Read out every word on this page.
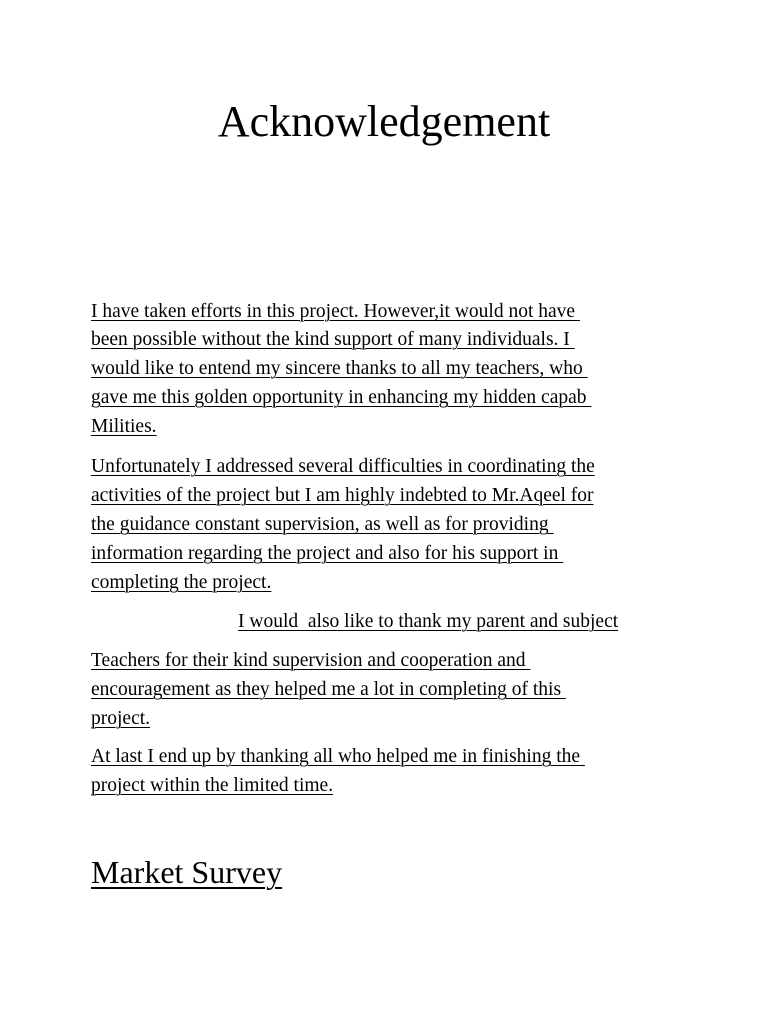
Acknowledgement

I have taken efforts in this project. However,it would not have

been possible without the kind support of many individuals. I

would like to entend my sincere thanks to all my teachers, who

gave me this golden opportunity in enhancing my hidden capab

Milities.

Unfortunately I addressed several difficulties in coordinating the

activities of the project but I am highly indebted to Mr.Aqeel for

the guidance constant supervision, as well as for providing

information regarding the project and also for his support in

completing the project.

I would  also like to thank my parent and subject

Teachers for their kind supervision and cooperation and

encouragement as they helped me a lot in completing of this

project.

At last I end up by thanking all who helped me in finishing the

project within the limited time.

Market Survey
